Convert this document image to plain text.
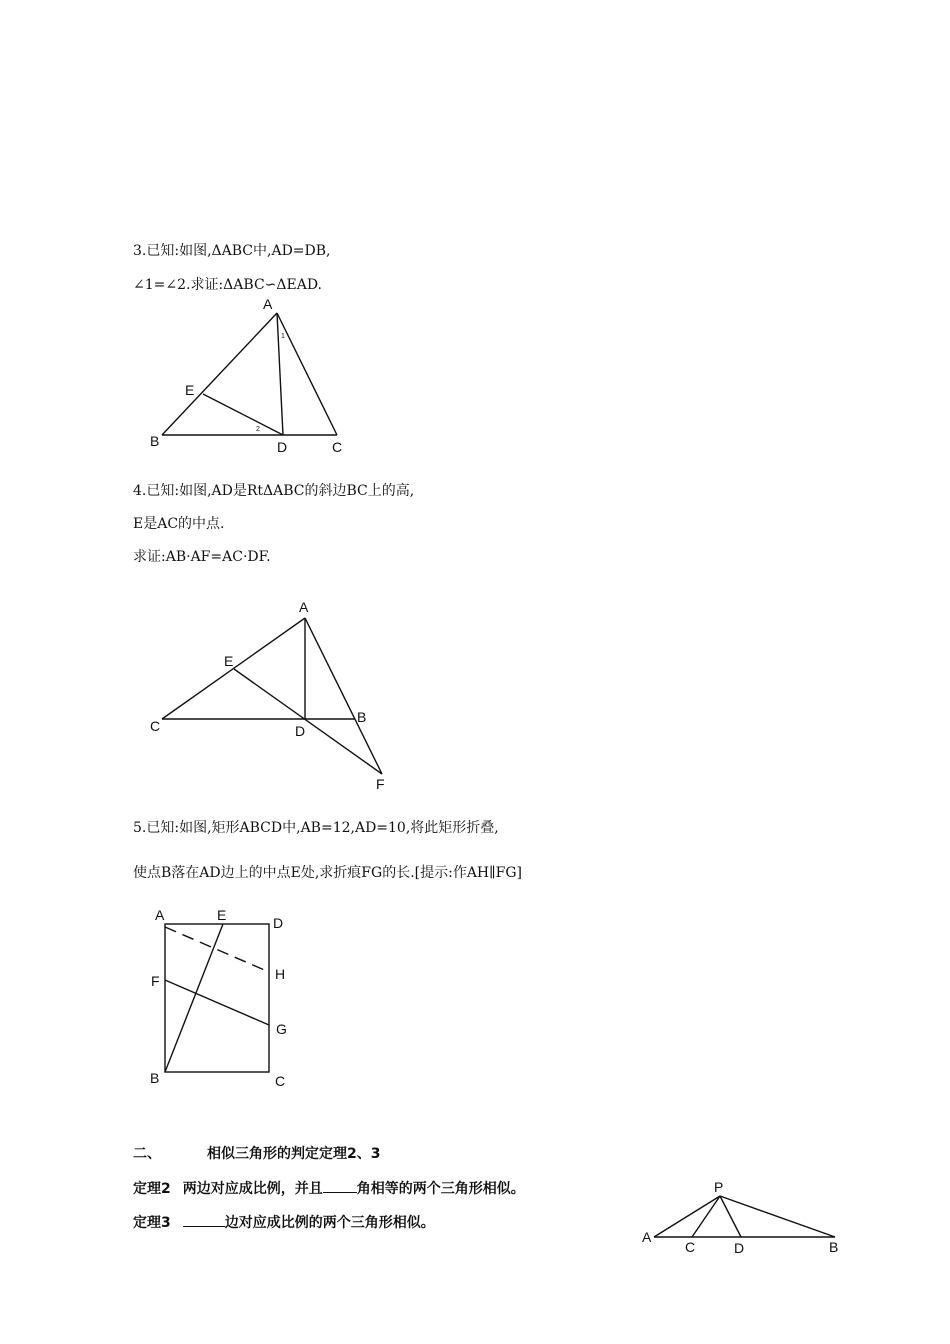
3.已知:如图,ΔABC中,AD=DB,
∠1=∠2.求证:ΔABC∽ΔEAD.
A
B	C
D
E
1
2
4.已知:如图,AD是RtΔABC的斜边BC上的高,
E是AC的中点.
求证:AB·AF=AC·DF.
A
B
C	D
E
F
5.已知:如图,矩形ABCD中,AB=12,AD=10,将此矩形折叠,
使点B落在AD边上的中点E处,求折痕FG的长.[提示:作AH∥FG]
A	E	D
H
F
G
B	C
二、	相似三角形的判定定理2、3
定理2 两边对应成比例，并且 角相等的两个三角形相似。
定理3	边对应成比例的两个三角形相似。
P
A
C	D	B
